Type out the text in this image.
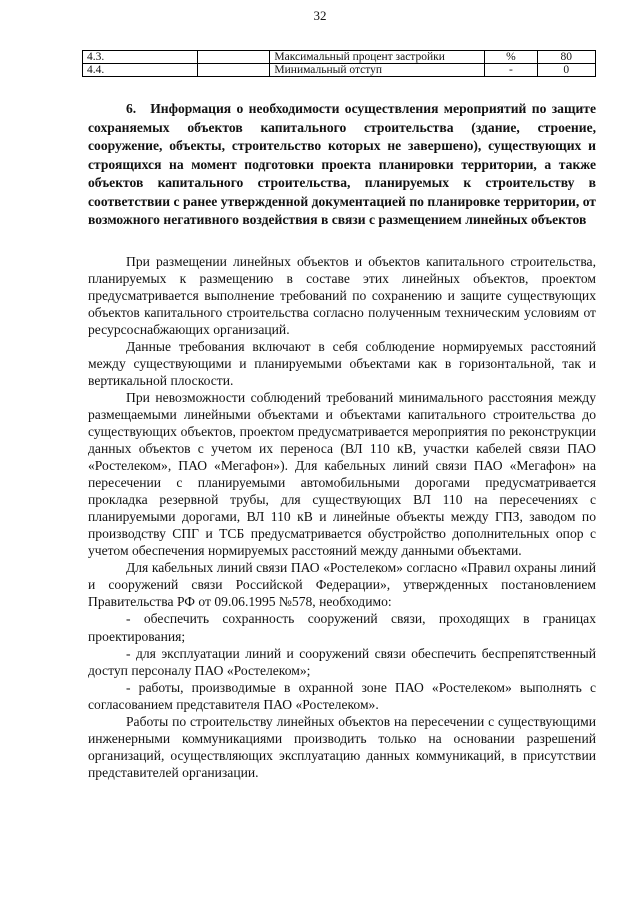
32
4.3.		Максимальный процент застройки	%	80
4.4.		Минимальный отступ	-	0
6. Информация о необходимости осуществления мероприятий по защите сохраняемых объектов капитального строительства (здание, строение, сооружение, объекты, строительство которых не завершено), существующих и строящихся на момент подготовки проекта планировки территории, а также объектов капитального строительства, планируемых к строительству в соответствии с ранее утвержденной документацией по планировке территории, от возможного негативного воздействия в связи с размещением линейных объектов

При размещении линейных объектов и объектов капитального строительства, планируемых к размещению в составе этих линейных объектов, проектом предусматривается выполнение требований по сохранению и защите существующих объектов капитального строительства согласно полученным техническим условиям от ресурсоснабжающих организаций.

Данные требования включают в себя соблюдение нормируемых расстояний между существующими и планируемыми объектами как в горизонтальной, так и вертикальной плоскости.

При невозможности соблюдений требований минимального расстояния между размещаемыми линейными объектами и объектами капитального строительства до существующих объектов, проектом предусматривается мероприятия по реконструкции данных объектов с учетом их переноса (ВЛ 110 кВ, участки кабелей связи ПАО «Ростелеком», ПАО «Мегафон»). Для кабельных линий связи ПАО «Мегафон» на пересечении с планируемыми автомобильными дорогами предусматривается прокладка резервной трубы, для существующих ВЛ 110 на пересечениях с планируемыми дорогами, ВЛ 110 кВ и линейные объекты между ГПЗ, заводом по производству СПГ и ТСБ предусматривается обустройство дополнительных опор с учетом обеспечения нормируемых расстояний между данными объектами.

Для кабельных линий связи ПАО «Ростелеком» согласно «Правил охраны линий и сооружений связи Российской Федерации», утвержденных постановлением Правительства РФ от 09.06.1995 №578, необходимо:

- обеспечить сохранность сооружений связи, проходящих в границах проектирования;

- для эксплуатации линий и сооружений связи обеспечить беспрепятственный доступ персоналу ПАО «Ростелеком»;

- работы, производимые в охранной зоне ПАО «Ростелеком» выполнять с согласованием представителя ПАО «Ростелеком».

Работы по строительству линейных объектов на пересечении с существующими инженерными коммуникациями производить только на основании разрешений организаций, осуществляющих эксплуатацию данных коммуникаций, в присутствии представителей организации.
